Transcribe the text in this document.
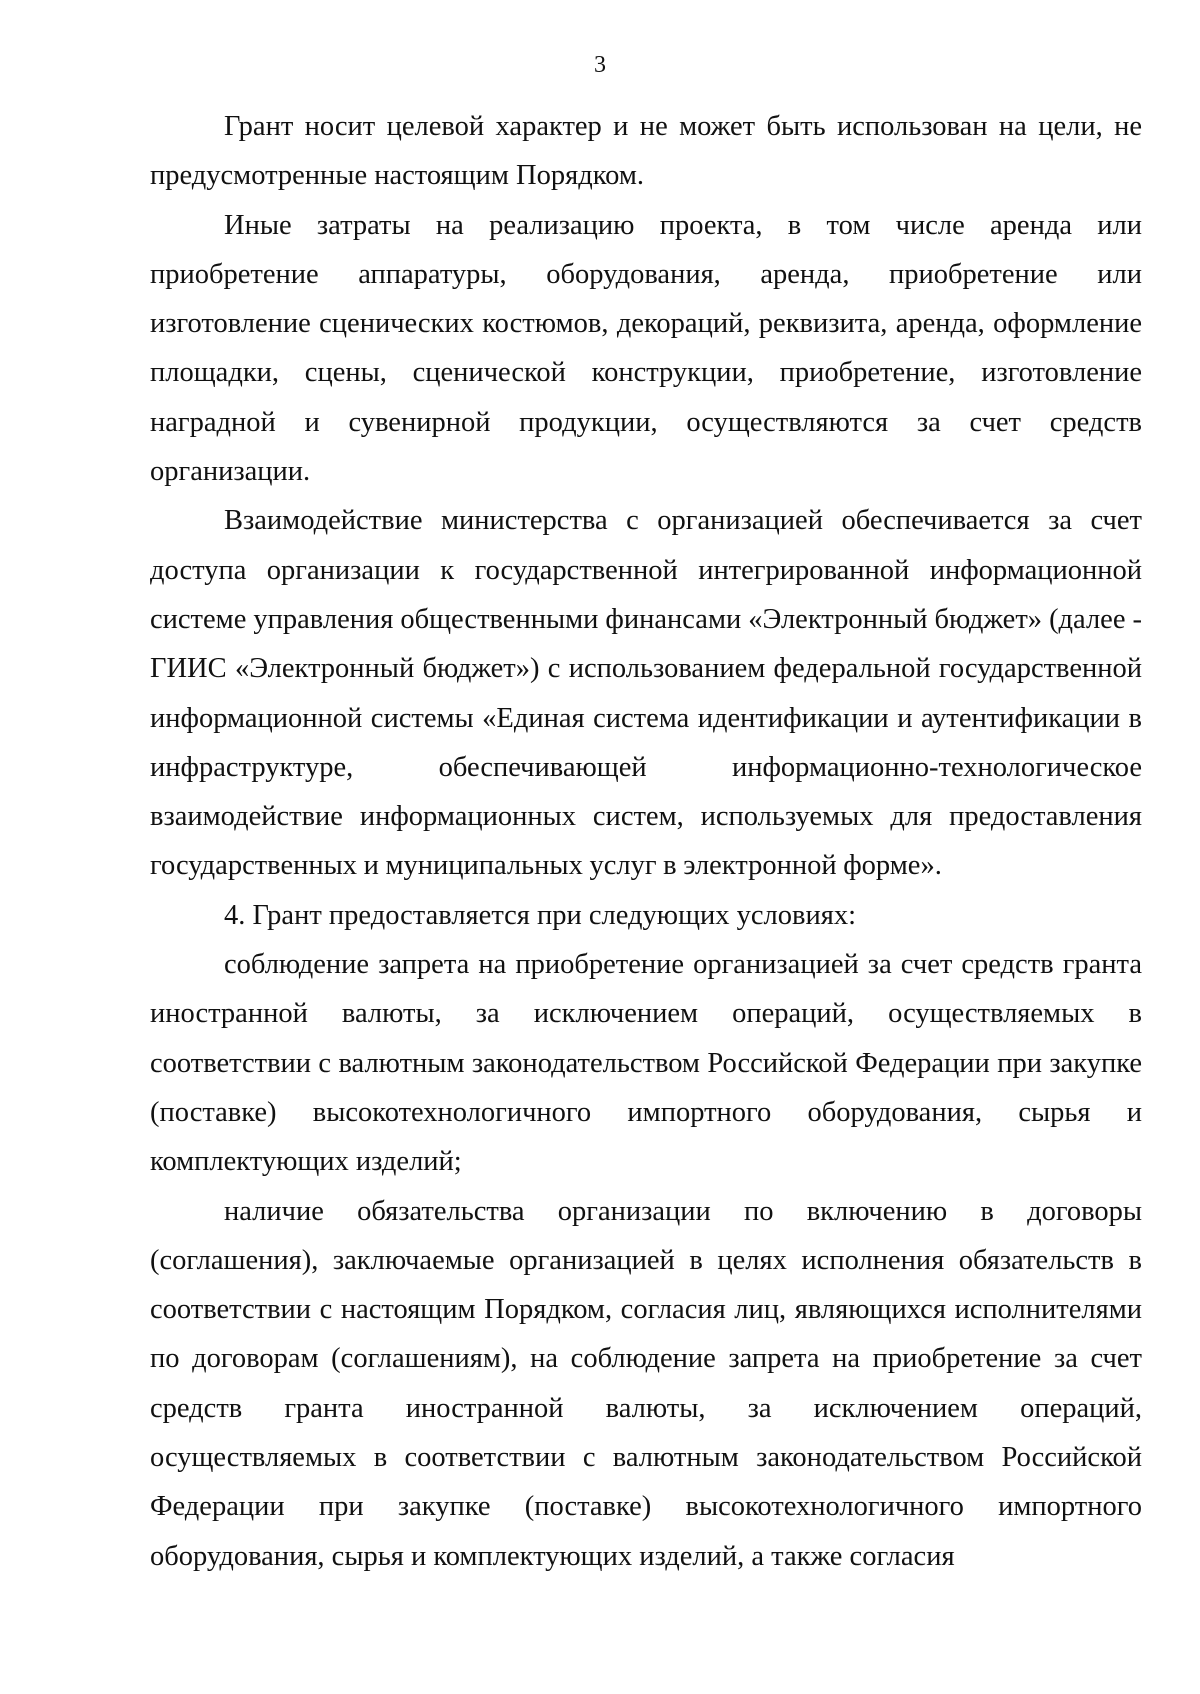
3

Грант носит целевой характер и не может быть использован на цели, не предусмотренные настоящим Порядком.

Иные затраты на реализацию проекта, в том числе аренда или приобретение аппаратуры, оборудования, аренда, приобретение или изготовление сценических костюмов, декораций, реквизита, аренда, оформление площадки, сцены, сценической конструкции, приобретение, изготовление наградной и сувенирной продукции, осуществляются за счет средств организации.

Взаимодействие министерства с организацией обеспечивается за счет доступа организации к государственной интегрированной информационной системе управления общественными финансами «Электронный бюджет» (далее - ГИИС «Электронный бюджет») с использованием федеральной государственной информационной системы «Единая система идентификации и аутентификации в инфраструктуре, обеспечивающей информационно-технологическое взаимодействие информационных систем, используемых для предоставления государственных и муниципальных услуг в электронной форме».

4. Грант предоставляется при следующих условиях:

соблюдение запрета на приобретение организацией за счет средств гранта иностранной валюты, за исключением операций, осуществляемых в соответствии с валютным законодательством Российской Федерации при закупке (поставке) высокотехнологичного импортного оборудования, сырья и комплектующих изделий;

наличие обязательства организации по включению в договоры (соглашения), заключаемые организацией в целях исполнения обязательств в соответствии с настоящим Порядком, согласия лиц, являющихся исполнителями по договорам (соглашениям), на соблюдение запрета на приобретение за счет средств гранта иностранной валюты, за исключением операций, осуществляемых в соответствии с валютным законодательством Российской Федерации при закупке (поставке) высокотехнологичного импортного оборудования, сырья и комплектующих изделий, а также согласия
